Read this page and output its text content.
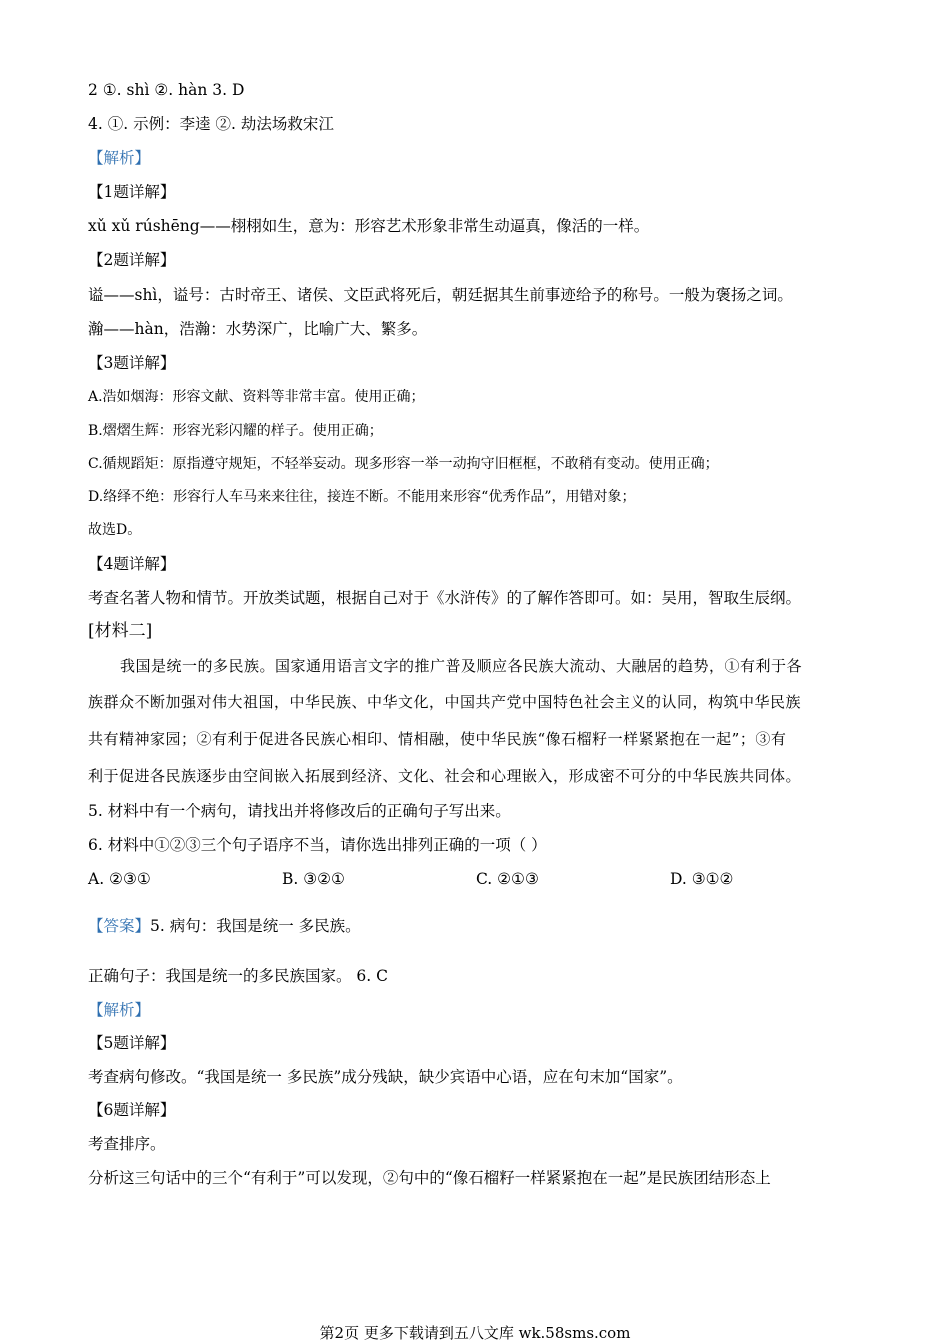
2 ①. shì ②. hàn 3. D
4. ①. 示例：李逵 ②. 劫法场救宋江
【解析】
【1题详解】
xǔ xǔ rúshēng——栩栩如生，意为：形容艺术形象非常生动逼真，像活的一样。
【2题详解】
谥——shì，谥号：古时帝王、诸侯、文臣武将死后，朝廷据其生前事迹给予的称号。一般为褒扬之词。
瀚——hàn，浩瀚：水势深广，比喻广大、繁多。
【3题详解】
A.浩如烟海：形容文献、资料等非常丰富。使用正确；
B.熠熠生辉：形容光彩闪耀的样子。使用正确；
C.循规蹈矩：原指遵守规矩，不轻举妄动。现多形容一举一动拘守旧框框，不敢稍有变动。使用正确；
D.络绎不绝：形容行人车马来来往往，接连不断。不能用来形容“优秀作品”，用错对象；
故选D。
【4题详解】
考查名著人物和情节。开放类试题，根据自己对于《水浒传》的了解作答即可。如：吴用，智取生辰纲。
[材料二]
我国是统一的多民族。国家通用语言文字的推广普及顺应各民族大流动、大融居的趋势，①有利于各
族群众不断加强对伟大祖国，中华民族、中华文化，中国共产党中国特色社会主义的认同，构筑中华民族
共有精神家园；②有利于促进各民族心相印、情相融，使中华民族“像石榴籽一样紧紧抱在一起”；③有
利于促进各民族逐步由空间嵌入拓展到经济、文化、社会和心理嵌入，形成密不可分的中华民族共同体。
5. 材料中有一个病句，请找出并将修改后的正确句子写出来。
6. 材料中①②③三个句子语序不当，请你选出排列正确的一项（ ）
A. ②③①	B. ③②①	C. ②①③	D. ③①②
【答案】5. 病句：我国是统一 多民族。
正确句子：我国是统一的多民族国家。 6. C
【解析】
【5题详解】
考查病句修改。“我国是统一 多民族”成分残缺，缺少宾语中心语，应在句末加“国家”。
【6题详解】
考查排序。
分析这三句话中的三个“有利于”可以发现，②句中的“像石榴籽一样紧紧抱在一起”是民族团结形态上
第2页 更多下载请到五八文库 wk.58sms.com
